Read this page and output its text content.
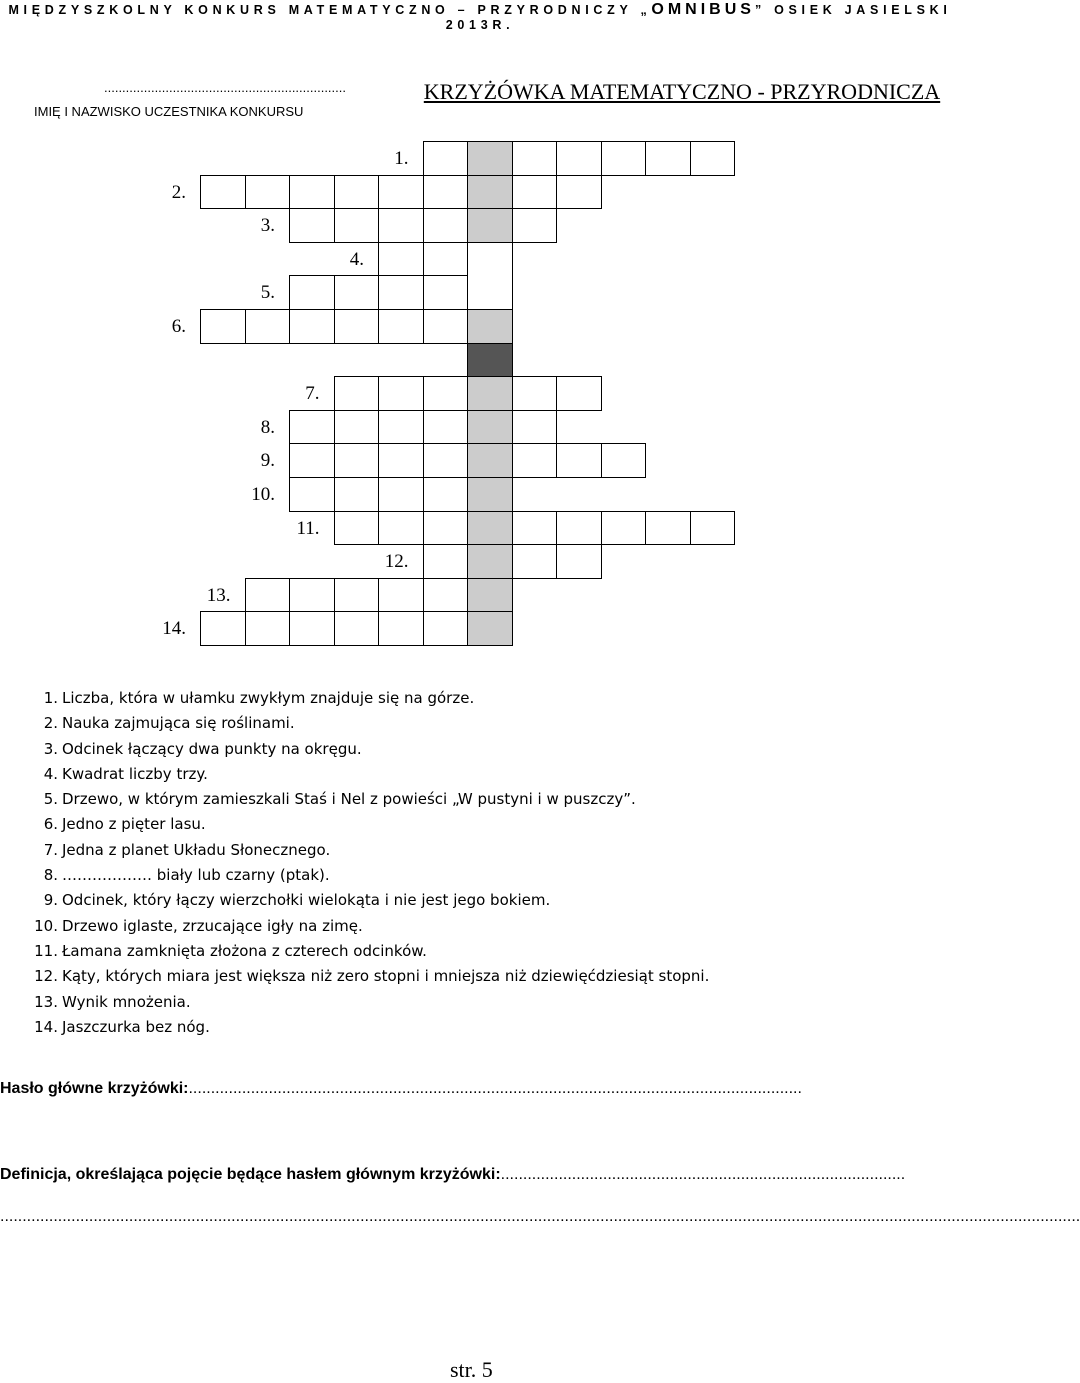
MIĘDZYSZKOLNY KONKURS MATEMATYCZNO – PRZYRODNICZY „OMNIBUS” OSIEK JASIELSKI
2013R.
...................................................................
IMIĘ I NAZWISKO UCZESTNIKA KONKURSU
KRZYŻÓWKA MATEMATYCZNO - PRZYRODNICZA
1.
2.
3.
4.
5.
6.
7.
8.
9.
10.
11.
12.
13.
14.
1. Liczba, która w ułamku zwykłym znajduje się na górze.
2. Nauka zajmująca się roślinami.
3. Odcinek łączący dwa punkty na okręgu.
4. Kwadrat liczby trzy.
5. Drzewo, w którym zamieszkali Staś i Nel z powieści „W pustyni i w puszczy”.
6. Jedno z pięter lasu.
7. Jedna z planet Układu Słonecznego.
8. ……………… biały lub czarny (ptak).
9. Odcinek, który łączy wierzchołki wielokąta i nie jest jego bokiem.
10. Drzewo iglaste, zrzucające igły na zimę.
11. Łamana zamknięta złożona z czterech odcinków.
12. Kąty, których miara jest większa niż zero stopni i mniejsza niż dziewięćdziesiąt stopni.
13. Wynik mnożenia.
14. Jaszczurka bez nóg.
Hasło główne krzyżówki:..........................................................................................................................................
Definicja, określająca pojęcie będące hasłem głównym krzyżówki:...........................................................................................
...................................................................................................................................................................................................................................................
str. 5
